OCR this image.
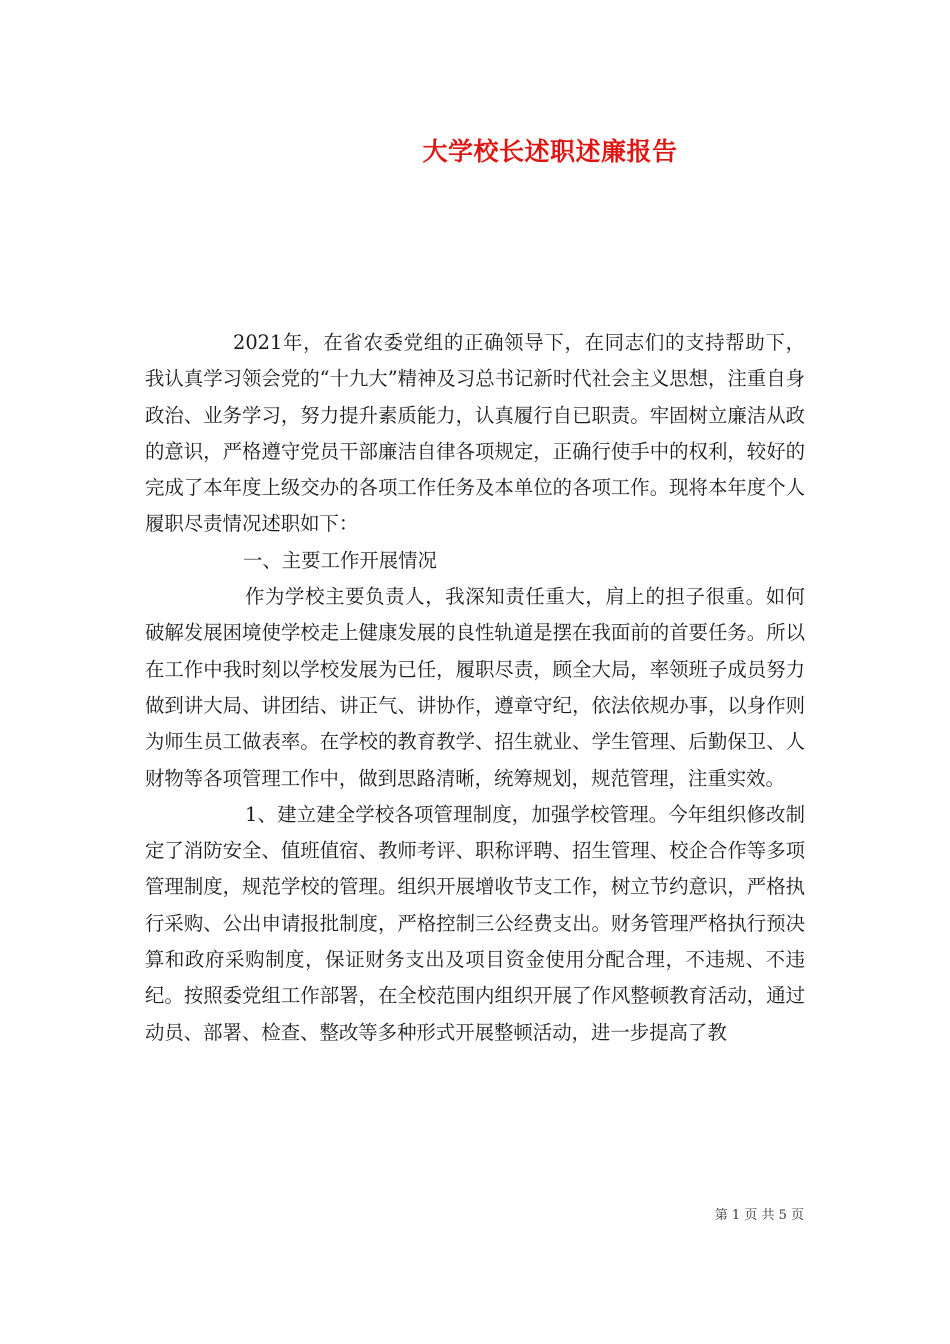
大学校长述职述廉报告

2021年，在省农委党组的正确领导下，在同志们的支持帮助下，我认真学习领会党的“十九大”精神及习总书记新时代社会主义思想，注重自身政治、业务学习，努力提升素质能力，认真履行自已职责。牢固树立廉洁从政的意识，严格遵守党员干部廉洁自律各项规定，正确行使手中的权利，较好的完成了本年度上级交办的各项工作任务及本单位的各项工作。现将本年度个人履职尽责情况述职如下：

一、主要工作开展情况

作为学校主要负责人，我深知责任重大，肩上的担子很重。如何破解发展困境使学校走上健康发展的良性轨道是摆在我面前的首要任务。所以在工作中我时刻以学校发展为已任，履职尽责，顾全大局，率领班子成员努力做到讲大局、讲团结、讲正气、讲协作，遵章守纪，依法依规办事，以身作则为师生员工做表率。在学校的教育教学、招生就业、学生管理、后勤保卫、人财物等各项管理工作中，做到思路清晰，统筹规划，规范管理，注重实效。

1、建立建全学校各项管理制度，加强学校管理。今年组织修改制定了消防安全、值班值宿、教师考评、职称评聘、招生管理、校企合作等多项管理制度，规范学校的管理。组织开展增收节支工作，树立节约意识，严格执行采购、公出申请报批制度，严格控制三公经费支出。财务管理严格执行预决算和政府采购制度，保证财务支出及项目资金使用分配合理，不违规、不违纪。按照委党组工作部署，在全校范围内组织开展了作风整顿教育活动，通过动员、部署、检查、整改等多种形式开展整顿活动，进一步提高了教

第 1 页 共 5 页
